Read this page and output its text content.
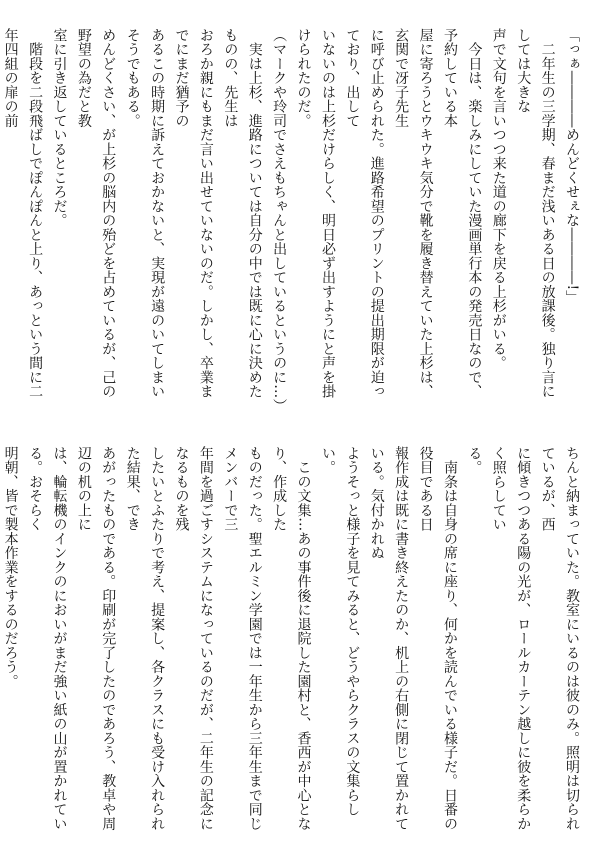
「っぁ――――めんどくせぇな――――!」

　二年生の三学期、春まだ浅いある日の放課後。独り言にしては大きな

声で文句を言いつつ来た道の廊下を戻る上杉がいる。

　今日は、楽しみにしていた漫画単行本の発売日なので、予約している本

屋に寄ろうとウキウキ気分で靴を履き替えていた上杉は、玄関で冴子先生

に呼び止められた。進路希望のプリントの提出期限が迫っており、出して

いないのは上杉だけらしく、明日必ず出すようにと声を掛けられたのだ。

（マークや玲司でさえもちゃんと出しているというのに…）

　実は上杉、進路については自分の中では既に心に決めたものの、先生は

おろか親にもまだ言い出せていないのだ。しかし、卒業までにまだ猶予の

あるこの時期に訴えておかないと、実現が遠のいてしまいそうでもある。

めんどくさい、が上杉の脳内の殆どを占めているが、己の野望の為だと教

室に引き返しているところだ。

　階段を二段飛ばしでぽんぽんと上り、あっという間に二年四組の扉の前

ちんと納まっていた。教室にいるのは彼のみ。照明は切られているが、西

に傾きつつある陽の光が、ロールカーテン越しに彼を柔らかく照らしてい

る。

　南条は自身の席に座り、何かを読んでいる様子だ。日番の役目である日

報作成は既に書き終えたのか、机上の右側に閉じて置かれている。気付かれぬ

ようそっと様子を見てみると、どうやらクラスの文集らしい。

　この文集…あの事件後に退院した園村と、香西が中心となり、作成した

ものだった。聖エルミン学園では一年生から三年生まで同じメンバーで三

年間を過ごすシステムになっているのだが、二年生の記念になるものを残

したいとふたりで考え、提案し、各クラスにも受け入れられた結果、でき

あがったものである。印刷が完了したのであろう、教卓や周辺の机の上に

は、輪転機のインクのにおいがまだ強い紙の山が置かれている。おそらく

明朝、皆で製本作業をするのだろう。
